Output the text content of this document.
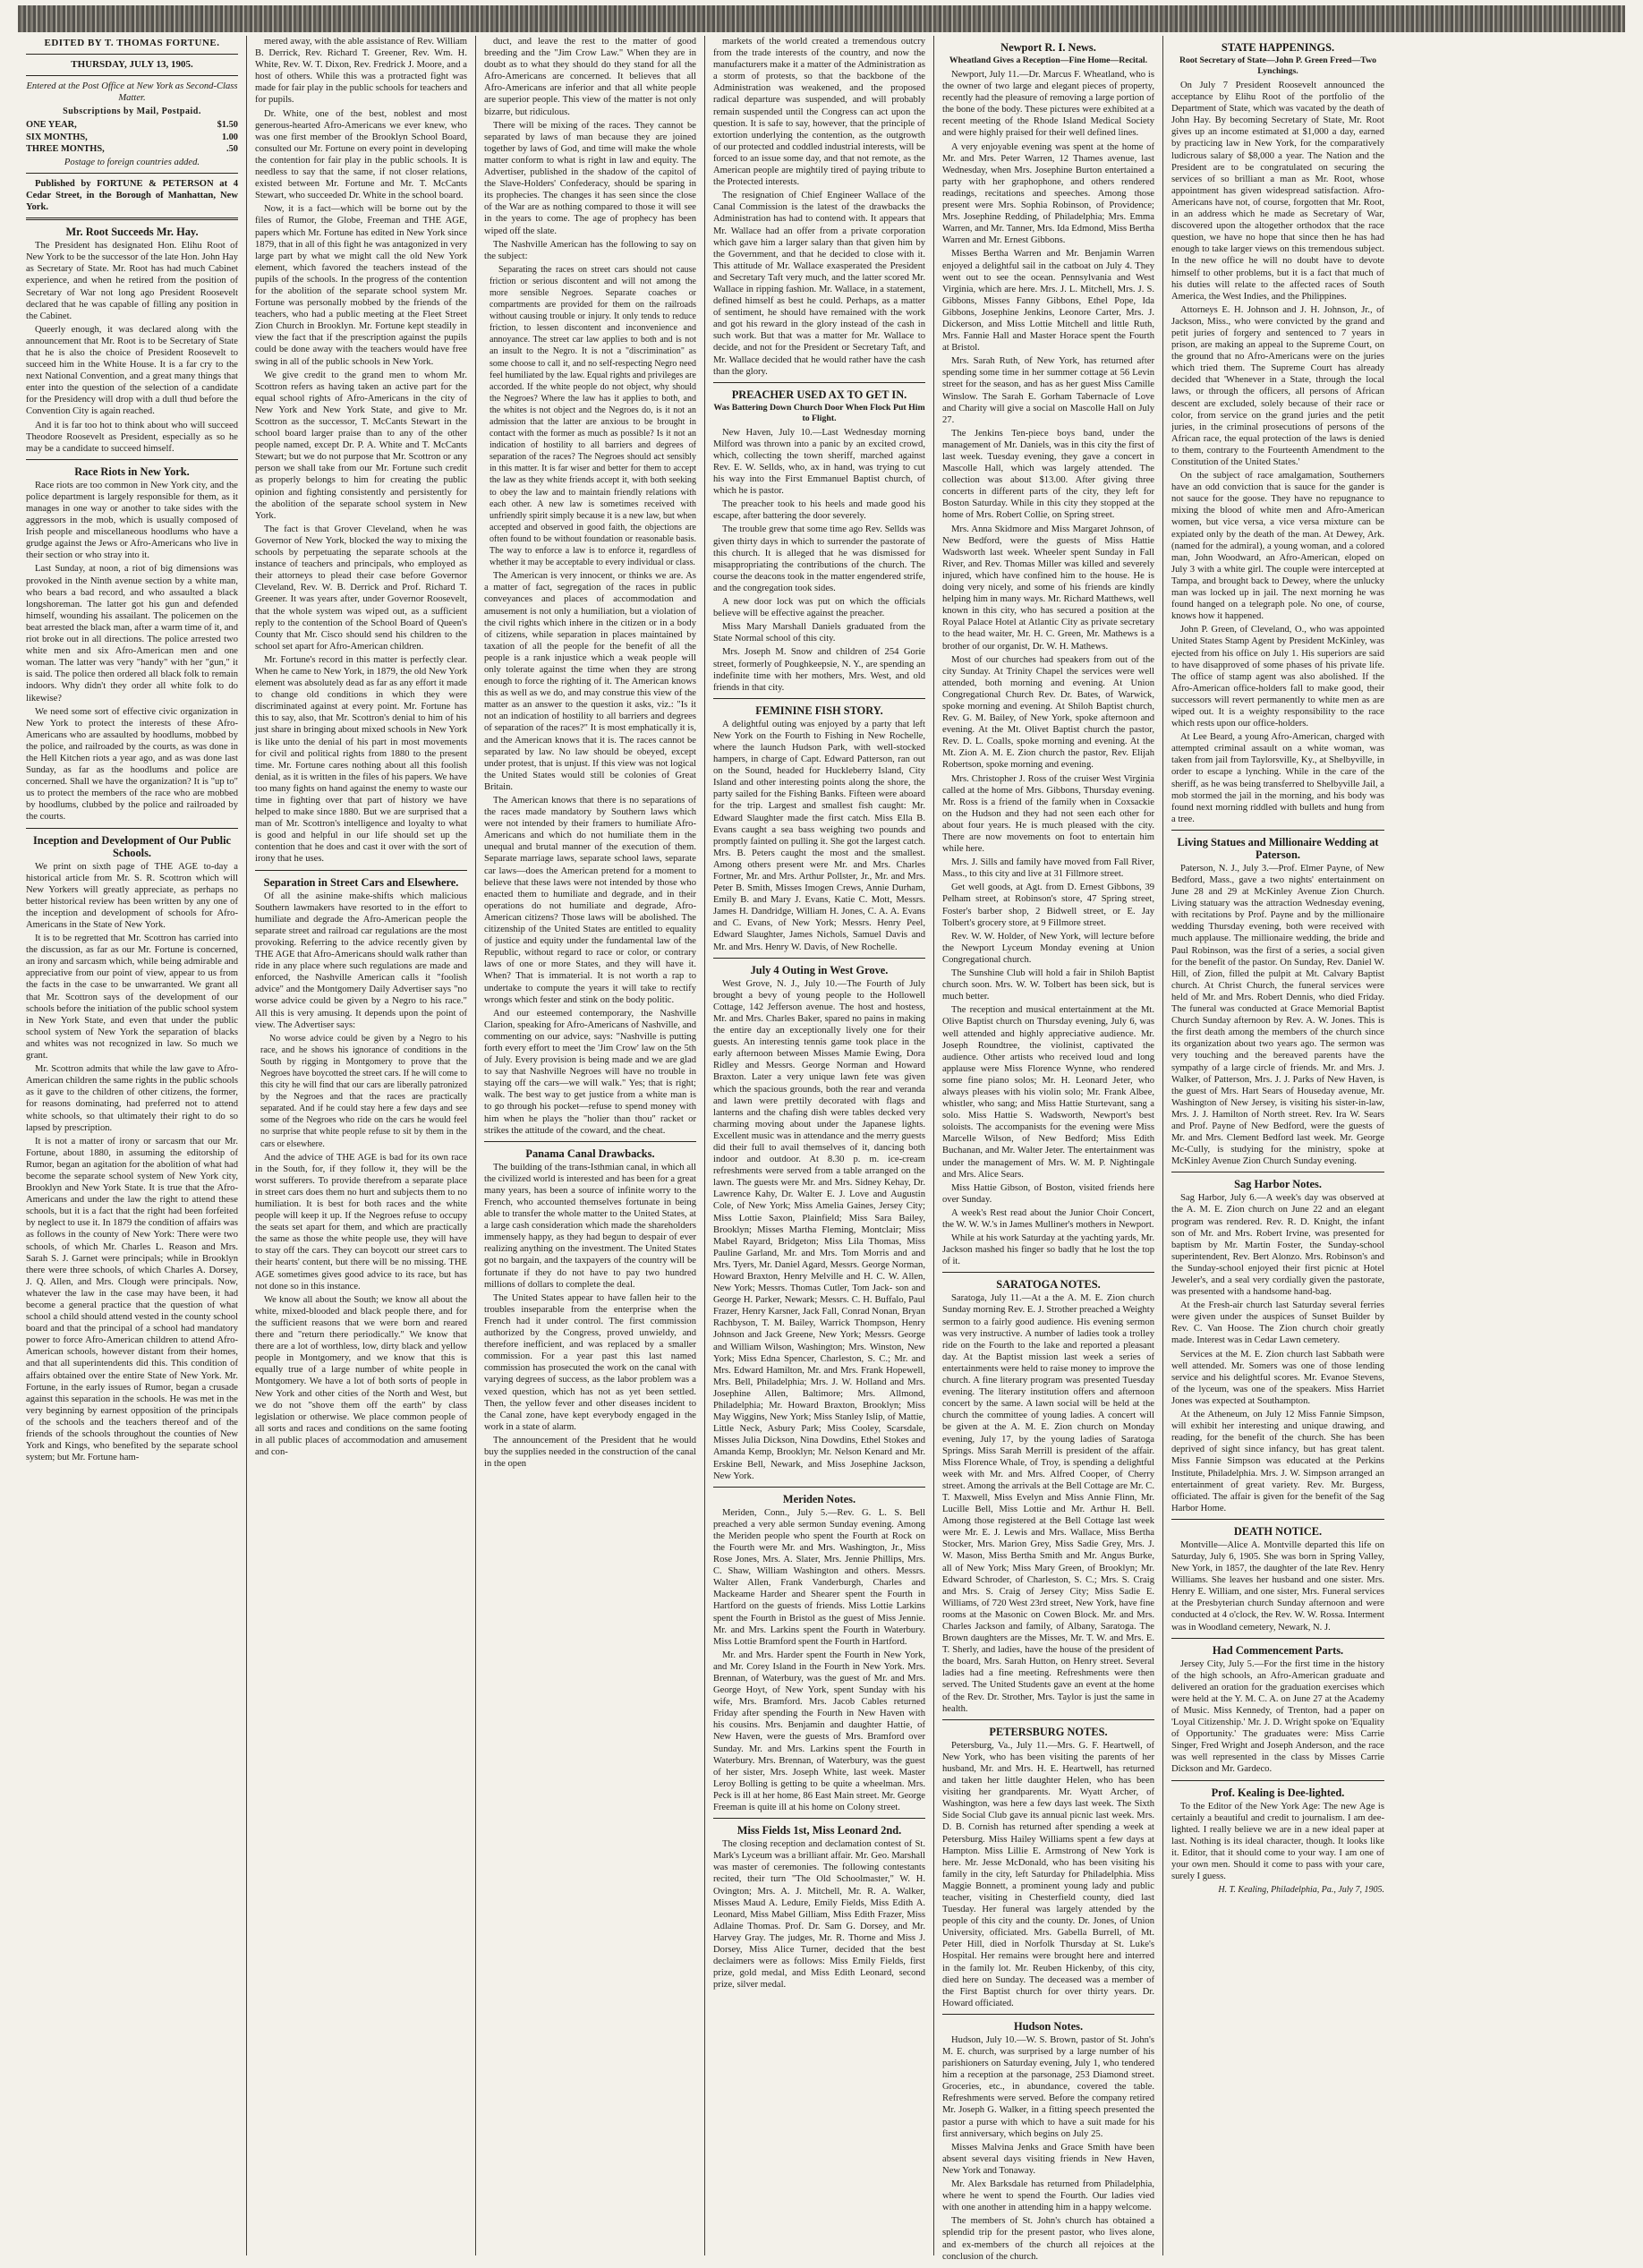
EDITED BY T. THOMAS FORTUNE.
THURSDAY, JULY 13, 1905.

Entered at the Post Office at New York as Second-Class Matter.

Subscriptions by Mail, Postpaid.
ONE YEAR,	$1.50
SIX MONTHS,	1.00
THREE MONTHS,	.50

Postage to foreign countries added.

Published by FORTUNE & PETERSON at 4 Cedar Street, in the Borough of Manhattan, New York.

Mr. Root Succeeds Mr. Hay.

The President has designated Hon. Elihu Root of New York to be the successor of the late Hon. John Hay as Secretary of State. Mr. Root has had much Cabinet experience, and when he retired from the position of Secretary of War not long ago President Roosevelt declared that he was capable of filling any position in the Cabinet.

Queerly enough, it was declared along with the announcement that Mr. Root is to be Secretary of State that he is also the choice of President Roosevelt to succeed him in the White House. It is a far cry to the next National Convention, and a great many things that enter into the question of the selection of a candidate for the Presidency will drop with a dull thud before the Convention City is again reached.

And it is far too hot to think about who will succeed Theodore Roosevelt as President, especially as so he may be a candidate to succeed himself.

Race Riots in New York.

Race riots are too common in New York city, and the police department is largely responsible for them, as it manages in one way or another to take sides with the aggressors in the mob, which is usually composed of Irish people and miscellaneous hoodlums who have a grudge against the Jews or Afro-Americans who live in their section or who stray into it.

Last Sunday, at noon, a riot of big dimensions was provoked in the Ninth avenue section by a white man, who bears a bad record, and who assaulted a black longshoreman. The latter got his gun and defended himself, wounding his assailant. The policemen on the beat arrested the black man, after a warm time of it, and riot broke out in all directions. The police arrested two white men and six Afro-American men and one woman. The latter was very "handy" with her "gun," it is said. The police then ordered all black folk to remain indoors. Why didn't they order all white folk to do likewise?

We need some sort of effective civic organization in New York to protect the interests of these Afro-Americans who are assaulted by hoodlums, mobbed by the police, and railroaded by the courts, as was done in the Hell Kitchen riots a year ago, and as was done last Sunday, as far as the hoodlums and police are concerned. Shall we have the organization? It is "up to" us to protect the members of the race who are mobbed by hoodlums, clubbed by the police and railroaded by the courts.

Inception and Development of Our Public Schools.

We print on sixth page of THE AGE to-day a historical article from Mr. S. R. Scottron which will New Yorkers will greatly appreciate, as perhaps no better historical review has been written by any one of the inception and development of schools for Afro-Americans in the State of New York.

It is to be regretted that Mr. Scottron has carried into the discussion, as far as our Mr. Fortune is concerned, an irony and sarcasm which, while being admirable and appreciative from our point of view, appear to us from the facts in the case to be unwarranted. We grant all that Mr. Scottron says of the development of our schools before the initiation of the public school system in New York State, and even that under the public school system of New York the separation of blacks and whites was not recognized in law. So much we grant.

Mr. Scottron admits that while the law gave to Afro-American children the same rights in the public schools as it gave to the children of other citizens, the former, for reasons dominating, had preferred not to attend white schools, so that ultimately their right to do so lapsed by prescription.

It is not a matter of irony or sarcasm that our Mr. Fortune, about 1880, in assuming the editorship of Rumor, began an agitation for the abolition of what had become the separate school system of New York city, Brooklyn and New York State. It is true that the Afro-Americans and under the law the right to attend these schools, but it is a fact that the right had been forfeited by neglect to use it. In 1879 the condition of affairs was as follows in the county of New York: There were two schools, of which Mr. Charles L. Reason and Mrs. Sarah S. J. Garnet were principals; while in Brooklyn there were three schools, of which Charles A. Dorsey, J. Q. Allen, and Mrs. Clough were principals. Now, whatever the law in the case may have been, it had become a general practice that the question of what school a child should attend vested in the county school board and that the principal of a school had mandatory power to force Afro-American children to attend Afro-American schools, however distant from their homes, and that all superintendents did this. This condition of affairs obtained over the entire State of New York. Mr. Fortune, in the early issues of Rumor, began a crusade against this separation in the schools. He was met in the very beginning by earnest opposition of the principals of the schools and the teachers thereof and of the friends of the schools throughout the counties of New York and Kings, who benefited by the separate school system; but Mr. Fortune ham-

mered away, with the able assistance of Rev. William B. Derrick, Rev. Richard T. Greener, Rev. Wm. H. White, Rev. W. T. Dixon, Rev. Fredrick J. Moore, and a host of others. While this was a protracted fight was made for fair play in the public schools for teachers and for pupils.

Dr. White, one of the best, noblest and most generous-hearted Afro-Americans we ever knew, who was one first member of the Brooklyn School Board, consulted our Mr. Fortune on every point in developing the contention for fair play in the public schools. It is needless to say that the same, if not closer relations, existed between Mr. Fortune and Mr. T. McCants Stewart, who succeeded Dr. White in the school board.

Now, it is a fact—which will be borne out by the files of Rumor, the Globe, Freeman and THE AGE, papers which Mr. Fortune has edited in New York since 1879, that in all of this fight he was antagonized in very large part by what we might call the old New York element, which favored the teachers instead of the pupils of the schools. In the progress of the contention for the abolition of the separate school system Mr. Fortune was personally mobbed by the friends of the teachers, who had a public meeting at the Fleet Street Zion Church in Brooklyn. Mr. Fortune kept steadily in view the fact that if the prescription against the pupils could be done away with the teachers would have free swing in all of the public schools in New York.

We give credit to the grand men to whom Mr. Scottron refers as having taken an active part for the equal school rights of Afro-Americans in the city of New York and New York State, and give to Mr. Scottron as the successor, T. McCants Stewart in the school board larger praise than to any of the other people named, except Dr. P. A. White and T. McCants Stewart; but we do not purpose that Mr. Scottron or any person we shall take from our Mr. Fortune such credit as properly belongs to him for creating the public opinion and fighting consistently and persistently for the abolition of the separate school system in New York.

The fact is that Grover Cleveland, when he was Governor of New York, blocked the way to mixing the schools by perpetuating the separate schools at the instance of teachers and principals, who employed as their attorneys to plead their case before Governor Cleveland, Rev. W. B. Derrick and Prof. Richard T. Greener. It was years after, under Governor Roosevelt, that the whole system was wiped out, as a sufficient reply to the contention of the School Board of Queen's County that Mr. Cisco should send his children to the school set apart for Afro-American children.

Mr. Fortune's record in this matter is perfectly clear. When he came to New York, in 1879, the old New York element was absolutely dead as far as any effort it made to change old conditions in which they were discriminated against at every point. Mr. Fortune has this to say, also, that Mr. Scottron's denial to him of his just share in bringing about mixed schools in New York is like unto the denial of his part in most movements for civil and political rights from 1880 to the present time. Mr. Fortune cares nothing about all this foolish denial, as it is written in the files of his papers. We have too many fights on hand against the enemy to waste our time in fighting over that part of history we have helped to make since 1880. But we are surprised that a man of Mr. Scottron's intelligence and loyalty to what is good and helpful in our life should set up the contention that he does and cast it over with the sort of irony that he uses.

Separation in Street Cars and Elsewhere.

Of all the asinine make-shifts which malicious Southern lawmakers have resorted to in the effort to humiliate and degrade the Afro-American people the separate street and railroad car regulations are the most provoking. Referring to the advice recently given by THE AGE that Afro-Americans should walk rather than ride in any place where such regulations are made and enforced, the Nashville American calls it "foolish advice" and the Montgomery Daily Advertiser says "no worse advice could be given by a Negro to his race." All this is very amusing. It depends upon the point of view. The Advertiser says:

No worse advice could be given by a Negro to his race, and he shows his ignorance of conditions in the South by rigging in Montgomery to prove that the Negroes have boycotted the street cars. If he will come to this city he will find that our cars are liberally patronized by the Negroes and that the races are practically separated. And if he could stay here a few days and see some of the Negroes who ride on the cars he would feel no surprise that white people refuse to sit by them in the cars or elsewhere.

And the advice of THE AGE is bad for its own race in the South, for, if they follow it, they will be the worst sufferers. To provide therefrom a separate place in street cars does them no hurt and subjects them to no humiliation. It is best for both races and the white people will keep it up. If the Negroes refuse to occupy the seats set apart for them, and which are practically the same as those the white people use, they will have to stay off the cars. They can boycott our street cars to their hearts' content, but there will be no missing. THE AGE sometimes gives good advice to its race, but has not done so in this instance.

We know all about the South; we know all about the white, mixed-blooded and black people there, and for the sufficient reasons that we were born and reared there and "return there periodically." We know that there are a lot of worthless, low, dirty black and yellow people in Montgomery, and we know that this is equally true of a large number of white people in Montgomery. We have a lot of both sorts of people in New York and other cities of the North and West, but we do not "shove them off the earth" by class legislation or otherwise. We place common people of all sorts and races and conditions on the same footing in all public places of accommodation and amusement and con-

duct, and leave the rest to the matter of good breeding and the "Jim Crow Law." When they are in doubt as to what they should do they stand for all the Afro-Americans are concerned. It believes that all Afro-Americans are inferior and that all white people are superior people. This view of the matter is not only bizarre, but ridiculous.

There will be mixing of the races. They cannot be separated by laws of man because they are joined together by laws of God, and time will make the whole matter conform to what is right in law and equity. The Advertiser, published in the shadow of the capitol of the Slave-Holders' Confederacy, should be sparing in its prophecies. The changes it has seen since the close of the War are as nothing compared to those it will see in the years to come. The age of prophecy has been wiped off the slate.

The Nashville American has the following to say on the subject:

Separating the races on street cars should not cause friction or serious discontent and will not among the more sensible Negroes. Separate coaches or compartments are provided for them on the railroads without causing trouble or injury. It only tends to reduce friction, to lessen discontent and inconvenience and annoyance. The street car law applies to both and is not an insult to the Negro. It is not a "discrimination" as some choose to call it, and no self-respecting Negro need feel humiliated by the law. Equal rights and privileges are accorded. If the white people do not object, why should the Negroes? Where the law has it applies to both, and the whites is not object and the Negroes do, is it not an admission that the latter are anxious to be brought in contact with the former as much as possible? Is it not an indication of hostility to all barriers and degrees of separation of the races? The Negroes should act sensibly in this matter. It is far wiser and better for them to accept the law as they white friends accept it, with both seeking to obey the law and to maintain friendly relations with each other. A new law is sometimes received with unfriendly spirit simply because it is a new law, but when accepted and observed in good faith, the objections are often found to be without foundation or reasonable basis. The way to enforce a law is to enforce it, regardless of whether it may be acceptable to every individual or class.

The American is very innocent, or thinks we are. As a matter of fact, segregation of the races in public conveyances and places of accommodation and amusement is not only a humiliation, but a violation of the civil rights which inhere in the citizen or in a body of citizens, while separation in places maintained by taxation of all the people for the benefit of all the people is a rank injustice which a weak people will only tolerate against the time when they are strong enough to force the righting of it. The American knows this as well as we do, and may construe this view of the matter as an answer to the question it asks, viz.: "Is it not an indication of hostility to all barriers and degrees of separation of the races?" It is most emphatically it is, and the American knows that it is. The races cannot be separated by law. No law should be obeyed, except under protest, that is unjust. If this view was not logical the United States would still be colonies of Great Britain.

The American knows that there is no separations of the races made mandatory by Southern laws which were not intended by their framers to humiliate Afro-Americans and which do not humiliate them in the unequal and brutal manner of the execution of them. Separate marriage laws, separate school laws, separate car laws—does the American pretend for a moment to believe that these laws were not intended by those who enacted them to humiliate and degrade, and in their operations do not humiliate and degrade, Afro-American citizens? Those laws will be abolished. The citizenship of the United States are entitled to equality of justice and equity under the fundamental law of the Republic, without regard to race or color, or contrary laws of one or more States, and they will have it. When? That is immaterial. It is not worth a rap to undertake to compute the years it will take to rectify wrongs which fester and stink on the body politic.

And our esteemed contemporary, the Nashville Clarion, speaking for Afro-Americans of Nashville, and commenting on our advice, says: "Nashville is putting forth every effort to meet the 'Jim Crow' law on the 5th of July. Every provision is being made and we are glad to say that Nashville Negroes will have no trouble in staying off the cars—we will walk." Yes; that is right; walk. The best way to get justice from a white man is to go through his pocket—refuse to spend money with him when he plays the "holier than thou" racket or strikes the attitude of the coward, and the cheat.

Panama Canal Drawbacks.

The building of the trans-Isthmian canal, in which all the civilized world is interested and has been for a great many years, has been a source of infinite worry to the French, who accounted themselves fortunate in being able to transfer the whole matter to the United States, at a large cash consideration which made the shareholders immensely happy, as they had begun to despair of ever realizing anything on the investment. The United States got no bargain, and the taxpayers of the country will be fortunate if they do not have to pay two hundred millions of dollars to complete the deal.

The United States appear to have fallen heir to the troubles inseparable from the enterprise when the French had it under control. The first commission authorized by the Congress, proved unwieldy, and therefore inefficient, and was replaced by a smaller commission. For a year past this last named commission has prosecuted the work on the canal with varying degrees of success, as the labor problem was a vexed question, which has not as yet been settled. Then, the yellow fever and other diseases incident to the Canal zone, have kept everybody engaged in the work in a state of alarm.

The announcement of the President that he would buy the supplies needed in the construction of the canal in the open

markets of the world created a tremendous outcry from the trade interests of the country, and now the manufacturers make it a matter of the Administration as a storm of protests, so that the backbone of the Administration was weakened, and the proposed radical departure was suspended, and will probably remain suspended until the Congress can act upon the question. It is safe to say, however, that the principle of extortion underlying the contention, as the outgrowth of our protected and coddled industrial interests, will be forced to an issue some day, and that not remote, as the American people are mightily tired of paying tribute to the Protected interests.

The resignation of Chief Engineer Wallace of the Canal Commission is the latest of the drawbacks the Administration has had to contend with. It appears that Mr. Wallace had an offer from a private corporation which gave him a larger salary than that given him by the Government, and that he decided to close with it. This attitude of Mr. Wallace exasperated the President and Secretary Taft very much, and the latter scored Mr. Wallace in ripping fashion. Mr. Wallace, in a statement, defined himself as best he could. Perhaps, as a matter of sentiment, he should have remained with the work and got his reward in the glory instead of the cash in such work. But that was a matter for Mr. Wallace to decide, and not for the President or Secretary Taft, and Mr. Wallace decided that he would rather have the cash than the glory.

PREACHER USED AX TO GET IN.
Was Battering Down Church Door When Flock Put Him to Flight.

New Haven, July 10.—Last Wednesday morning Milford was thrown into a panic by an excited crowd, which, collecting the town sheriff, marched against Rev. E. W. Sellds, who, ax in hand, was trying to cut his way into the First Emmanuel Baptist church, of which he is pastor.

The preacher took to his heels and made good his escape, after battering the door severely.

The trouble grew that some time ago Rev. Sellds was given thirty days in which to surrender the pastorate of this church. It is alleged that he was dismissed for misappropriating the contributions of the church. The course the deacons took in the matter engendered strife, and the congregation took sides.

A new door lock was put on which the officials believe will be effective against the preacher.

Miss Mary Marshall Daniels graduated from the State Normal school of this city.

Mrs. Joseph M. Snow and children of 254 Gorie street, formerly of Poughkeepsie, N. Y., are spending an indefinite time with her mothers, Mrs. West, and old friends in that city.

FEMININE FISH STORY.

A delightful outing was enjoyed by a party that left New York on the Fourth to Fishing in New Rochelle, where the launch Hudson Park, with well-stocked hampers, in charge of Capt. Edward Patterson, ran out on the Sound, headed for Huckleberry Island, City Island and other interesting points along the shore, the party sailed for the Fishing Banks. Fifteen were aboard for the trip. Largest and smallest fish caught: Mr. Edward Slaughter made the first catch. Miss Ella B. Evans caught a sea bass weighing two pounds and promptly fainted on pulling it. She got the largest catch. Mrs. B. Peters caught the most and the smallest. Among others present were Mr. and Mrs. Charles Fortner, Mr. and Mrs. Arthur Pollster, Jr., Mr. and Mrs. Peter B. Smith, Misses Imogen Crews, Annie Durham, Emily B. and Mary J. Evans, Katie C. Mott, Messrs. James H. Dandridge, William H. Jones, C. A. A. Evans and C. Evans, of New York; Messrs. Henry Peel, Edward Slaughter, James Nichols, Samuel Davis and Mr. and Mrs. Henry W. Davis, of New Rochelle.

July 4 Outing in West Grove.

West Grove, N. J., July 10.—The Fourth of July brought a bevy of young people to the Hollowell Cottage, 142 Jefferson avenue. The host and hostess, Mr. and Mrs. Charles Baker, spared no pains in making the entire day an exceptionally lively one for their guests. An interesting tennis game took place in the early afternoon between Misses Mamie Ewing, Dora Ridley and Messrs. George Norman and Howard Braxton. Later a very unique lawn fete was given which the spacious grounds, both the rear and veranda and lawn were prettily decorated with flags and lanterns and the chafing dish were tables decked very charming moving about under the Japanese lights. Excellent music was in attendance and the merry guests did their full to avail themselves of it, dancing both indoor and outdoor. At 8.30 p. m. ice-cream refreshments were served from a table arranged on the lawn. The guests were Mr. and Mrs. Sidney Kehay, Dr. Lawrence Kahy, Dr. Walter E. J. Love and Augustin Cole, of New York; Miss Amelia Gaines, Jersey City; Miss Lottie Saxon, Plainfield; Miss Sara Bailey, Brooklyn; Misses Martha Fleming, Montclair; Miss Mabel Rayard, Bridgeton; Miss Lila Thomas, Miss Pauline Garland, Mr. and Mrs. Tom Morris and and Mrs. Tyers, Mr. Daniel Agard, Messrs. George Norman, Howard Braxton, Henry Melville and H. C. W. Allen, New York; Messrs. Thomas Cutler, Tom Jack- son and George H. Parker, Newark; Messrs. C. H. Buffalo, Paul Frazer, Henry Karsner, Jack Fall, Conrad Nonan, Bryan Rachbyson, T. M. Bailey, Warrick Thompson, Henry Johnson and Jack Greene, New York; Messrs. George and William Wilson, Washington; Mrs. Winston, New York; Miss Edna Spencer, Charleston, S. C.; Mr. and Mrs. Edward Hamilton, Mr. and Mrs. Frank Hopewell, Mrs. Bell, Philadelphia; Mrs. J. W. Holland and Mrs. Josephine Allen, Baltimore; Mrs. Allmond, Philadelphia; Mr. Howard Braxton, Brooklyn; Miss May Wiggins, New York; Miss Stanley Islip, of Mattie, Little Neck, Asbury Park; Miss Cooley, Scarsdale, Misses Julia Dickson, Nina Dowdins, Ethel Stokes and Amanda Kemp, Brooklyn; Mr. Nelson Kenard and Mr. Erskine Bell, Newark, and Miss Josephine Jackson, New York.

Meriden Notes.

Meriden, Conn., July 5.—Rev. G. L. S. Bell preached a very able sermon Sunday evening. Among the Meriden people who spent the Fourth at Rock on the Fourth were Mr. and Mrs. Washington, Jr., Miss Rose Jones, Mrs. A. Slater, Mrs. Jennie Phillips, Mrs. C. Shaw, William Washington and others. Messrs. Walter Allen, Frank Vanderburgh, Charles and Mackeame Harder and Shearer spent the Fourth in Hartford on the guests of friends. Miss Lottie Larkins spent the Fourth in Bristol as the guest of Miss Jennie. Mr. and Mrs. Larkins spent the Fourth in Waterbury. Miss Lottie Bramford spent the Fourth in Hartford.

Mr. and Mrs. Harder spent the Fourth in New York, and Mr. Corey Island in the Fourth in New York. Mrs. Brennan, of Waterbury, was the guest of Mr. and Mrs. George Hoyt, of New York, spent Sunday with his wife, Mrs. Bramford. Mrs. Jacob Cables returned Friday after spending the Fourth in New Haven with his cousins. Mrs. Benjamin and daughter Hattie, of New Haven, were the guests of Mrs. Bramford over Sunday. Mr. and Mrs. Larkins spent the Fourth in Waterbury. Mrs. Brennan, of Waterbury, was the guest of her sister, Mrs. Joseph White, last week. Master Leroy Bolling is getting to be quite a wheelman. Mrs. Peck is ill at her home, 86 East Main street. Mr. George Freeman is quite ill at his home on Colony street.

Miss Fields 1st, Miss Leonard 2nd.

The closing reception and declamation contest of St. Mark's Lyceum was a brilliant affair. Mr. Geo. Marshall was master of ceremonies. The following contestants recited, their turn "The Old Schoolmaster," W. H. Ovington; Mrs. A. J. Mitchell, Mr. R. A. Walker, Misses Maud A. Ledure, Emily Fields, Miss Edith A. Leonard, Miss Mabel Gilliam, Miss Edith Frazer, Miss Adlaine Thomas. Prof. Dr. Sam G. Dorsey, and Mr. Harvey Gray. The judges, Mr. R. Thorne and Miss J. Dorsey, Miss Alice Turner, decided that the best declaimers were as follows: Miss Emily Fields, first prize, gold medal, and Miss Edith Leonard, second prize, silver medal.

Newport R. I. News.
Wheatland Gives a Reception—Fine Home—Recital.

Newport, July 11.—Dr. Marcus F. Wheatland, who is the owner of two large and elegant pieces of property, recently had the pleasure of removing a large portion of the bone of the body. These pictures were exhibited at a recent meeting of the Rhode Island Medical Society and were highly praised for their well defined lines.

A very enjoyable evening was spent at the home of Mr. and Mrs. Peter Warren, 12 Thames avenue, last Wednesday, when Mrs. Josephine Burton entertained a party with her graphophone, and others rendered readings, recitations and speeches. Among those present were Mrs. Sophia Robinson, of Providence; Mrs. Josephine Redding, of Philadelphia; Mrs. Emma Warren, and Mr. Tanner, Mrs. Ida Edmond, Miss Bertha Warren and Mr. Ernest Gibbons.

Misses Bertha Warren and Mr. Benjamin Warren enjoyed a delightful sail in the catboat on July 4. They went out to see the ocean. Pennsylvania and West Virginia, which are here. Mrs. J. L. Mitchell, Mrs. J. S. Gibbons, Misses Fanny Gibbons, Ethel Pope, Ida Gibbons, Josephine Jenkins, Leonore Carter, Mrs. J. Dickerson, and Miss Lottie Mitchell and little Ruth, Mrs. Fannie Hall and Master Horace spent the Fourth at Bristol.

Mrs. Sarah Ruth, of New York, has returned after spending some time in her summer cottage at 56 Levin street for the season, and has as her guest Miss Camille Winslow. The Sarah E. Gorham Tabernacle of Love and Charity will give a social on Mascolle Hall on July 27.

The Jenkins Ten-piece boys band, under the management of Mr. Daniels, was in this city the first of last week. Tuesday evening, they gave a concert in Mascolle Hall, which was largely attended. The collection was about $13.00. After giving three concerts in different parts of the city, they left for Boston Saturday. While in this city they stopped at the home of Mrs. Robert Collie, on Spring street.

Mrs. Anna Skidmore and Miss Margaret Johnson, of New Bedford, were the guests of Miss Hattie Wadsworth last week. Wheeler spent Sunday in Fall River, and Rev. Thomas Miller was killed and severely injured, which have confined him to the house. He is doing very nicely, and some of his friends are kindly helping him in many ways. Mr. Richard Matthews, well known in this city, who has secured a position at the Royal Palace Hotel at Atlantic City as private secretary to the head waiter, Mr. H. C. Green, Mr. Mathews is a brother of our organist, Dr. W. H. Mathews.

Most of our churches had speakers from out of the city Sunday. At Trinity Chapel the services were well attended, both morning and evening. At Union Congregational Church Rev. Dr. Bates, of Warwick, spoke morning and evening. At Shiloh Baptist church, Rev. G. M. Bailey, of New York, spoke afternoon and evening. At the Mt. Olivet Baptist church the pastor, Rev. D. L. Coalls, spoke morning and evening. At the Mt. Zion A. M. E. Zion church the pastor, Rev. Elijah Robertson, spoke morning and evening.

Mrs. Christopher J. Ross of the cruiser West Virginia called at the home of Mrs. Gibbons, Thursday evening. Mr. Ross is a friend of the family when in Coxsackie on the Hudson and they had not seen each other for about four years. He is much pleased with the city. There are now movements on foot to entertain him while here.

Mrs. J. Sills and family have moved from Fall River, Mass., to this city and live at 31 Fillmore street.

Get well goods, at Agt. from D. Ernest Gibbons, 39 Pelham street, at Robinson's store, 47 Spring street, Foster's barber shop, 2 Bidwell street, or E. Jay Tolbert's grocery store, at 9 Fillmore street.

Rev. W. W. Holder, of New York, will lecture before the Newport Lyceum Monday evening at Union Congregational church.

The Sunshine Club will hold a fair in Shiloh Baptist church soon. Mrs. W. W. Tolbert has been sick, but is much better.

The reception and musical entertainment at the Mt. Olive Baptist church on Thursday evening, July 6, was well attended and highly appreciative audience. Mr. Joseph Roundtree, the violinist, captivated the audience. Other artists who received loud and long applause were Miss Florence Wynne, who rendered some fine piano solos; Mr. H. Leonard Jeter, who always pleases with his violin solo; Mr. Frank Albee, whistler, who sang; and Miss Hattie Sturtevant, sang a solo. Miss Hattie S. Wadsworth, Newport's best soloists. The accompanists for the evening were Miss Marcelle Wilson, of New Bedford; Miss Edith Buchanan, and Mr. Walter Jeter. The entertainment was under the management of Mrs. W. M. P. Nightingale and Mrs. Alice Sears.

Miss Hattie Gibson, of Boston, visited friends here over Sunday.

A week's Rest read about the Junior Choir Concert, the W. W. W.'s in James Mulliner's mothers in Newport.

While at his work Saturday at the yachting yards, Mr. Jackson mashed his finger so badly that he lost the top of it.

SARATOGA NOTES.

Saratoga, July 11.—At a the A. M. E. Zion church Sunday morning Rev. E. J. Strother preached a Weighty sermon to a fairly good audience. His evening sermon was very instructive. A number of ladies took a trolley ride on the Fourth to the lake and reported a pleasant day. At the Baptist mission last week a series of entertainments were held to raise money to improve the church. A fine literary program was presented Tuesday evening. The literary institution offers and afternoon concert by the same. A lawn social will be held at the church the committee of young ladies. A concert will be given at the A. M. E. Zion church on Monday evening, July 17, by the young ladies of Saratoga Springs. Miss Sarah Merrill is president of the affair. Miss Florence Whale, of Troy, is spending a delightful week with Mr. and Mrs. Alfred Cooper, of Cherry street. Among the arrivals at the Bell Cottage are Mr. C. T. Maxwell, Miss Evelyn and Miss Annie Flinn, Mr. Lucille Bell, Miss Lottie and Mr. Arthur H. Bell. Among those registered at the Bell Cottage last week were Mr. E. J. Lewis and Mrs. Wallace, Miss Bertha Stocker, Mrs. Marion Grey, Miss Sadie Grey, Mrs. J. W. Mason, Miss Bertha Smith and Mr. Angus Burke, all of New York; Miss Mary Green, of Brooklyn; Mr. Edward Schroder, of Charleston, S. C.; Mrs. S. Craig and Mrs. S. Craig of Jersey City; Miss Sadie E. Williams, of 720 West 23rd street, New York, have fine rooms at the Masonic on Cowen Block. Mr. and Mrs. Charles Jackson and family, of Albany, Saratoga. The Brown daughters are the Misses, Mr. T. W. and Mrs. E. T. Sherly, and ladies, have the house of the president of the board, Mrs. Sarah Hutton, on Henry street. Several ladies had a fine meeting. Refreshments were then served. The United Students gave an event at the home of the Rev. Dr. Strother, Mrs. Taylor is just the same in health.

PETERSBURG NOTES.

Petersburg, Va., July 11.—Mrs. G. F. Heartwell, of New York, who has been visiting the parents of her husband, Mr. and Mrs. H. E. Heartwell, has returned and taken her little daughter Helen, who has been visiting her grandparents. Mr. Wyatt Archer, of Washington, was here a few days last week. The Sixth Side Social Club gave its annual picnic last week. Mrs. D. B. Cornish has returned after spending a week at Petersburg. Miss Hailey Williams spent a few days at Hampton. Miss Lillie E. Armstrong of New York is here. Mr. Jesse McDonald, who has been visiting his family in the city, left Saturday for Philadelphia. Miss Maggie Bonnett, a prominent young lady and public teacher, visiting in Chesterfield county, died last Tuesday. Her funeral was largely attended by the people of this city and the county. Dr. Jones, of Union University, officiated. Mrs. Gabella Burrell, of Mt. Peter Hill, died in Norfolk Thursday at St. Luke's Hospital. Her remains were brought here and interred in the family lot. Mr. Reuben Hickenby, of this city, died here on Sunday. The deceased was a member of the First Baptist church for over thirty years. Dr. Howard officiated.

Hudson Notes.

Hudson, July 10.—W. S. Brown, pastor of St. John's M. E. church, was surprised by a large number of his parishioners on Saturday evening, July 1, who tendered him a reception at the parsonage, 253 Diamond street. Groceries, etc., in abundance, covered the table. Refreshments were served. Before the company retired Mr. Joseph G. Walker, in a fitting speech presented the pastor a purse with which to have a suit made for his first anniversary, which begins on July 25.

Misses Malvina Jenks and Grace Smith have been absent several days visiting friends in New Haven, New York and Tonaway.

Mr. Alex Barksdale has returned from Philadelphia, where he went to spend the Fourth. Our ladies vied with one another in attending him in a happy welcome.

The members of St. John's church has obtained a splendid trip for the present pastor, who lives alone, and ex-members of the church all rejoices at the conclusion of the church.

STATE HAPPENINGS.
Root Secretary of State—John P. Green Freed—Two Lynchings.

On July 7 President Roosevelt announced the acceptance by Elihu Root of the portfolio of the Department of State, which was vacated by the death of John Hay. By becoming Secretary of State, Mr. Root gives up an income estimated at $1,000 a day, earned by practicing law in New York, for the comparatively ludicrous salary of $8,000 a year. The Nation and the President are to be congratulated on securing the services of so brilliant a man as Mr. Root, whose appointment has given widespread satisfaction. Afro-Americans have not, of course, forgotten that Mr. Root, in an address which he made as Secretary of War, discovered upon the altogether orthodox that the race question, we have no hope that since then he has had enough to take larger views on this tremendous subject. In the new office he will no doubt have to devote himself to other problems, but it is a fact that much of his duties will relate to the affected races of South America, the West Indies, and the Philippines.

Attorneys E. H. Johnson and J. H. Johnson, Jr., of Jackson, Miss., who were convicted by the grand and petit juries of forgery and sentenced to 7 years in prison, are making an appeal to the Supreme Court, on the ground that no Afro-Americans were on the juries which tried them. The Supreme Court has already decided that 'Whenever in a State, through the local laws, or through the officers, all persons of African descent are excluded, solely because of their race or color, from service on the grand juries and the petit juries, in the criminal prosecutions of persons of the African race, the equal protection of the laws is denied to them, contrary to the Fourteenth Amendment to the Constitution of the United States.'

On the subject of race amalgamation, Southerners have an odd conviction that is sauce for the gander is not sauce for the goose. They have no repugnance to mixing the blood of white men and Afro-American women, but vice versa, a vice versa mixture can be expiated only by the death of the man. At Dewey, Ark. (named for the admiral), a young woman, and a colored man, John Woodward, an Afro-American, eloped on July 3 with a white girl. The couple were intercepted at Tampa, and brought back to Dewey, where the unlucky man was locked up in jail. The next morning he was found hanged on a telegraph pole. No one, of course, knows how it happened.

John P. Green, of Cleveland, O., who was appointed United States Stamp Agent by President McKinley, was ejected from his office on July 1. His superiors are said to have disapproved of some phases of his private life. The office of stamp agent was also abolished. If the Afro-American office-holders fall to make good, their successors will revert permanently to white men as are wiped out. It is a weighty responsibility to the race which rests upon our office-holders.

At Lee Beard, a young Afro-American, charged with attempted criminal assault on a white woman, was taken from jail from Taylorsville, Ky., at Shelbyville, in order to escape a lynching. While in the care of the sheriff, as he was being transferred to Shelbyville Jail, a mob stormed the jail in the morning, and his body was found next morning riddled with bullets and hung from a tree.

Living Statues and Millionaire Wedding at Paterson.

Paterson, N. J., July 3.—Prof. Elmer Payne, of New Bedford, Mass., gave a two nights' entertainment on June 28 and 29 at McKinley Avenue Zion Church. Living statuary was the attraction Wednesday evening, with recitations by Prof. Payne and by the millionaire wedding Thursday evening, both were received with much applause. The millionaire wedding, the bride and Paul Robinson, was the first of a series, a social given for the benefit of the pastor. On Sunday, Rev. Daniel W. Hill, of Zion, filled the pulpit at Mt. Calvary Baptist church. At Christ Church, the funeral services were held of Mr. and Mrs. Robert Dennis, who died Friday. The funeral was conducted at Grace Memorial Baptist Church Sunday afternoon by Rev. A. W. Jones. This is the first death among the members of the church since its organization about two years ago. The sermon was very touching and the bereaved parents have the sympathy of a large circle of friends. Mr. and Mrs. J. Walker, of Patterson, Mrs. J. J. Parks of New Haven, is the guest of Mrs. Hart Sears of Houseday avenue, Mr. Washington of New Jersey, is visiting his sister-in-law, Mrs. J. J. Hamilton of North street. Rev. Ira W. Sears and Prof. Payne of New Bedford, were the guests of Mr. and Mrs. Clement Bedford last week. Mr. George Mc-Cully, is studying for the ministry, spoke at McKinley Avenue Zion Church Sunday evening.

Sag Harbor Notes.

Sag Harbor, July 6.—A week's day was observed at the A. M. E. Zion church on June 22 and an elegant program was rendered. Rev. R. D. Knight, the infant son of Mr. and Mrs. Robert Irvine, was presented for baptism by Mr. Martin Foster, the Sunday-school superintendent, Rev. Bert Alonzo. Mrs. Robinson's and the Sunday-school enjoyed their first picnic at Hotel Jeweler's, and a seal very cordially given the pastorate, was presented with a handsome hand-bag.

At the Fresh-air church last Saturday several ferries were given under the auspices of Sunset Builder by Rev. C. Van Hoose. The Zion church choir greatly made. Interest was in Cedar Lawn cemetery.

Services at the M. E. Zion church last Sabbath were well attended. Mr. Somers was one of those lending service and his delightful scores. Mr. Evanoe Stevens, of the lyceum, was one of the speakers. Miss Harriet Jones was expected at Southampton.

At the Atheneum, on July 12 Miss Fannie Simpson, will exhibit her interesting and unique drawing, and reading, for the benefit of the church. She has been deprived of sight since infancy, but has great talent. Miss Fannie Simpson was educated at the Perkins Institute, Philadelphia. Mrs. J. W. Simpson arranged an entertainment of great variety. Rev. Mr. Burgess, officiated. The affair is given for the benefit of the Sag Harbor Home.

DEATH NOTICE.

Montville—Alice A. Montville departed this life on Saturday, July 6, 1905. She was born in Spring Valley, New York, in 1857, the daughter of the late Rev. Henry Williams. She leaves her husband and one sister. Mrs. Henry E. William, and one sister, Mrs. Funeral services at the Presbyterian church Sunday afternoon and were conducted at 4 o'clock, the Rev. W. W. Rossa. Interment was in Woodland cemetery, Newark, N. J.

Had Commencement Parts.

Jersey City, July 5.—For the first time in the history of the high schools, an Afro-American graduate and delivered an oration for the graduation exercises which were held at the Y. M. C. A. on June 27 at the Academy of Music. Miss Kennedy, of Trenton, had a paper on 'Loyal Citizenship.' Mr. J. D. Wright spoke on 'Equality of Opportunity.' The graduates were: Miss Carrie Singer, Fred Wright and Joseph Anderson, and the race was well represented in the class by Misses Carrie Dickson and Mr. Gardeco.

Prof. Kealing is Dee-lighted.

To the Editor of the New York Age: The new Age is certainly a beautiful and credit to journalism. I am dee-lighted. I really believe we are in a new ideal paper at last. Nothing is its ideal character, though. It looks like it. Editor, that it should come to your way. I am one of your own men. Should it come to pass with your care, surely I guess.

H. T. Kealing, Philadelphia, Pa., July 7, 1905.
